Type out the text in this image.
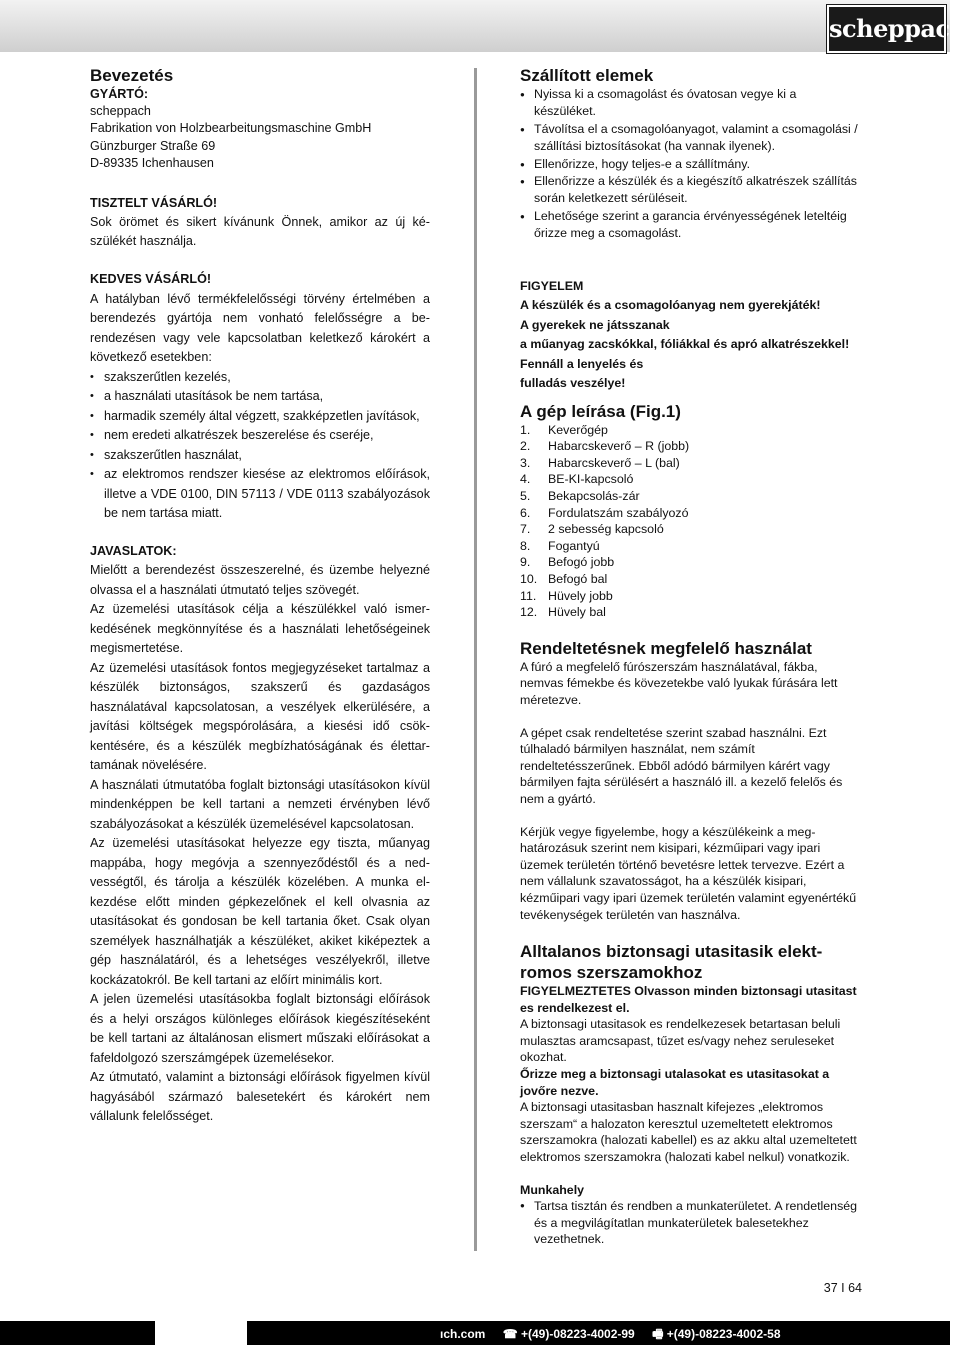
scheppach
Bevezetés
GYÁRTÓ:
scheppach
Fabrikation von Holzbearbeitungsmaschine GmbH
Günzburger Straße 69
D-89335 Ichenhausen
TISZTELT VÁSÁRLÓ!

Sok örömet és sikert kívánunk Önnek, amikor az új készülékét használja.

KEDVES VÁSÁRLÓ!

A hatályban lévő termékfelelősségi törvény értelmében a berendezés gyártója nem vonható felelősségre a berendezésen vagy vele kapcsolatban keletkező károkért a következő esetekben:

• szakszerűtlen kezelés,
• a használati utasítások be nem tartása,
• harmadik személy által végzett, szakképzetlen javítások,
• nem eredeti alkatrészek beszerelése és cseréje,
• szakszerűtlen használat,
• az elektromos rendszer kiesése az elektromos előírások, illetve a VDE 0100, DIN 57113 / VDE 0113 szabályozások be nem tartása miatt.
JAVASLATOK:

Mielőtt a berendezést összeszerelné, és üzembe helyezné olvassa el a használati útmutató teljes szövegét.

Az üzemelési utasítások célja a készülékkel való ismerkedésének megkönnyítése és a használati lehetőségeinek megismertetése.

Az üzemelési utasítások fontos megjegyzéseket tartalmaz a készülék biztonságos, szakszerű és gazdaságos használatával kapcsolatosan, a veszélyek elkerülésére, a javítási költségek megspórolására, a kiesési idő csökkentésére, és a készülék megbízhatóságának és élettartamának növelésére.

A használati útmutatóba foglalt biztonsági utasításokon kívül mindenképpen be kell tartani a nemzeti érvényben lévő szabályozásokat a készülék üzemelésével kapcsolatosan.

Az üzemelési utasításokat helyezze egy tiszta, műanyag mappába, hogy megóvja a szennyeződéstől és a nedvességtől, és tárolja a készülék közelében. A munka elkezdése előtt minden gépkezelőnek el kell olvasnia az utasításokat és gondosan be kell tartania őket. Csak olyan személyek használhatják a készüléket, akiket kiképeztek a gép használatáról, és a lehetséges veszélyekről, illetve kockázatokról. Be kell tartani az előírt minimális kort.

A jelen üzemelési utasításokba foglalt biztonsági előírások és a helyi országos különleges előírások kiegészítéseként be kell tartani az általánosan elismert műszaki előírásokat a fafeldolgozó szerszámgépek üzemelésekor.

Az útmutató, valamint a biztonsági előírások figyelmen kívül hagyásából származó balesetekért és károkért nem vállalunk felelősséget.

Szállított elemek
● Nyissa ki a csomagolást és óvatosan vegye ki a készüléket.
● Távolítsa el a csomagolóanyagot, valamint a csomagolási / szállítási biztosításokat (ha vannak ilyenek).
● Ellenőrizze, hogy teljes-e a szállítmány.
● Ellenőrizze a készülék és a kiegészítő alkatrészek szállítás során keletkezett sérüléseit.
● Lehetősége szerint a garancia érvényességének leteltéig őrizze meg a csomagolást.
FIGYELEM
A készülék és a csomagolóanyag nem gyerekjáték!
A gyerekek ne játsszanak
a műanyag zacskókkal, fóliákkal és apró alkatrészekkel! Fennáll a lenyelés és
fulladás veszélye!
A gép leírása (Fig.1)
1.	Keverőgép
2.	Habarcskeverő – R (jobb)
3.	Habarcskeverő – L (bal)
4.	BE-KI-kapcsoló
5.	Bekapcsolás-zár
6.	Fordulatszám szabályozó
7.	2 sebesség kapcsoló
8.	Fogantyú
9.	Befogó jobb
10. Befogó bal
11. Hüvely jobb
12. Hüvely bal
Rendeltetésnek megfelelő használat

A fúró a megfelelő fúrószerszám használatával, fákba, nemvas fémekbe és kövezetekbe való lyukak fúrására lett méretezve.

A gépet csak rendeltetése szerint szabad használni. Ezt túlhaladó bármilyen használat, nem számít rendeltetésszerűnek. Ebből adódó bármilyen kárért vagy bármilyen fajta sérülésért a használó ill. a kezelő felelős és nem a gyártó.

Kérjük vegye figyelembe, hogy a készülékeink a meghatározásuk szerint nem kisipari, kézműipari vagy ipari üzemek területén történő bevetésre lettek tervezve. Ezért a nem vállalunk szavatosságot, ha a készülék kisipari, kézműipari vagy ipari üzemek területén valamint egyenértékű tevékenységek területén van használva.

Alltalanos biztonsagi utasitasik elektromos szerszamokhoz

FIGYELMEZTETES Olvasson minden biztonsagi utasitast es rendelkezest el.

A biztonsagi utasitasok es rendelkezesek betartasan beluli mulasztas aramcsapast, tűzet es/vagy nehez seruleseket okozhat.

Őrizze meg a biztonsagi utalasokat es utasitasokat a jovőre nezve.

A biztonsagi utasitasban hasznalt kifejezes „elektromos szerszam“ a halozaton keresztul uzemeltetett elektromos szerszamokra (halozati kabellel) es az akku altal uzemeltetett elektromos szerszamokra (halozati kabel nelkul) vonatkozik.

Munkahely
● Tartsa tisztán és rendben a munkaterületet. A rendetlenség és a megvilágítatlan munkaterületek balesetekhez vezethetnek.
37 I 64
ıch.com ☎ +(49)-08223-4002-99 🖷 +(49)-08223-4002-58
